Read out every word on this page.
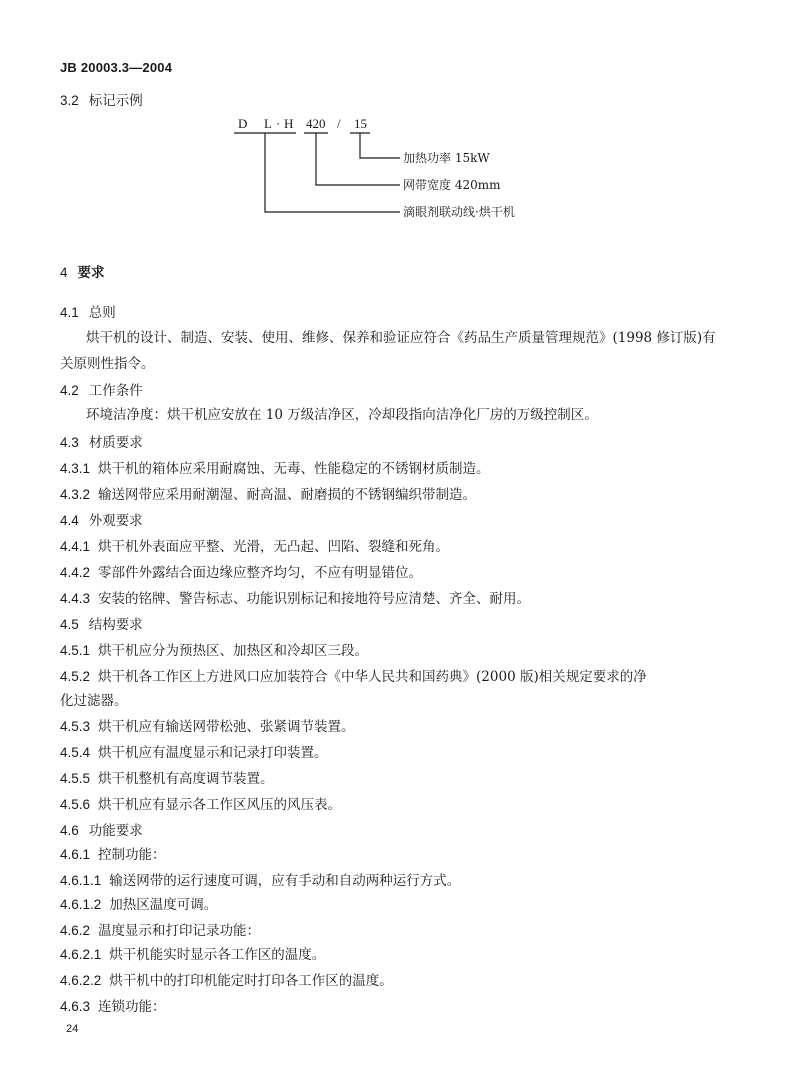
JB 20003.3—2004
3.2 标记示例
D L · H 420 / 15
加热功率 15kW
网带宽度 420mm
滴眼剂联动线·烘干机
4 要求
4.1 总则
烘干机的设计、制造、安装、使用、维修、保养和验证应符合《药品生产质量管理规范》(1998 修订版)有关原则性指令。
4.2 工作条件
环境洁净度：烘干机应安放在 10 万级洁净区，冷却段指向洁净化厂房的万级控制区。
4.3 材质要求
4.3.1 烘干机的箱体应采用耐腐蚀、无毒、性能稳定的不锈钢材质制造。
4.3.2 输送网带应采用耐潮湿、耐高温、耐磨损的不锈钢编织带制造。
4.4 外观要求
4.4.1 烘干机外表面应平整、光滑，无凸起、凹陷、裂缝和死角。
4.4.2 零部件外露结合面边缘应整齐均匀，不应有明显错位。
4.4.3 安装的铭牌、警告标志、功能识别标记和接地符号应清楚、齐全、耐用。
4.5 结构要求
4.5.1 烘干机应分为预热区、加热区和冷却区三段。
4.5.2 烘干机各工作区上方进风口应加装符合《中华人民共和国药典》(2000 版)相关规定要求的净
化过滤器。
4.5.3 烘干机应有输送网带松弛、张紧调节装置。
4.5.4 烘干机应有温度显示和记录打印装置。
4.5.5 烘干机整机有高度调节装置。
4.5.6 烘干机应有显示各工作区风压的风压表。
4.6 功能要求
4.6.1 控制功能：
4.6.1.1 输送网带的运行速度可调，应有手动和自动两种运行方式。
4.6.1.2 加热区温度可调。
4.6.2 温度显示和打印记录功能：
4.6.2.1 烘干机能实时显示各工作区的温度。
4.6.2.2 烘干机中的打印机能定时打印各工作区的温度。
4.6.3 连锁功能：
24
